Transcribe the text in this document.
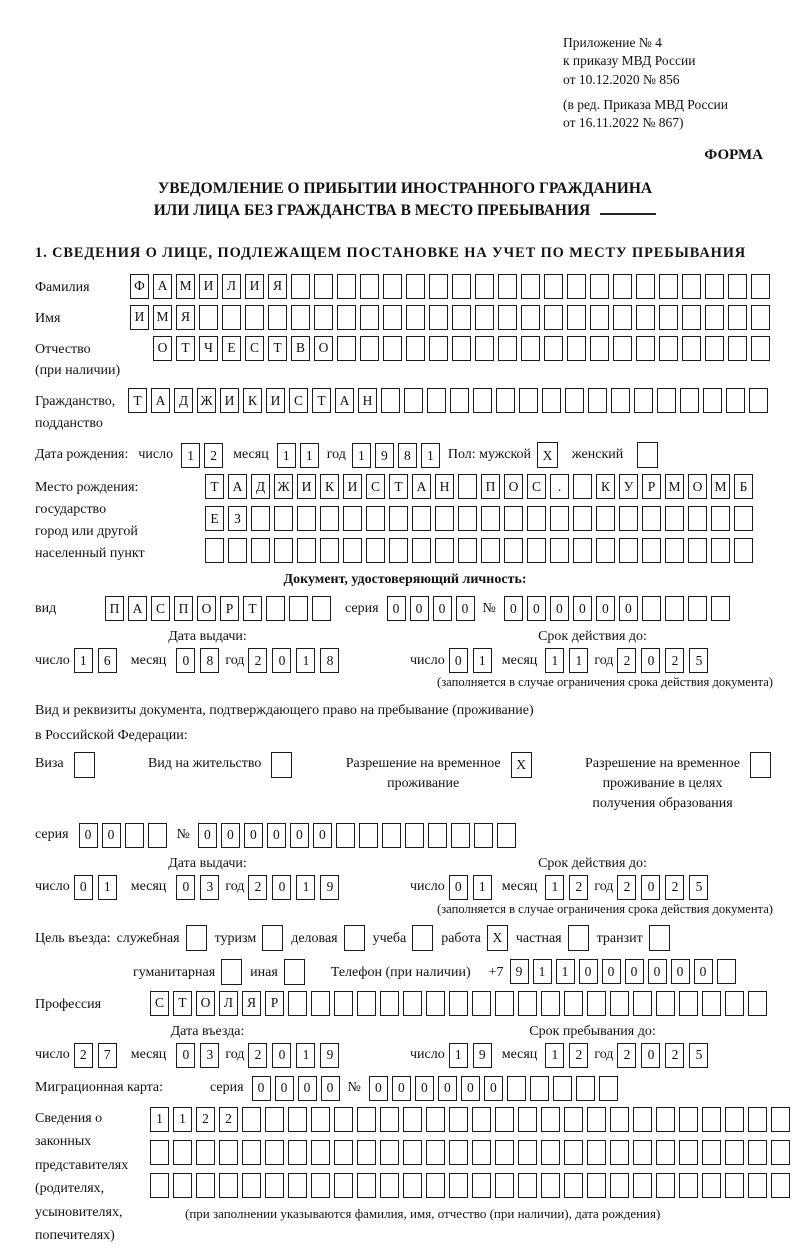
Приложение № 4
к приказу МВД России
от 10.12.2020 № 856
(в ред. Приказа МВД России
от 16.11.2022 № 867)
ФОРМА
УВЕДОМЛЕНИЕ О ПРИБЫТИИ ИНОСТРАННОГО ГРАЖДАНИНА
ИЛИ ЛИЦА БЕЗ ГРАЖДАНСТВА В МЕСТО ПРЕБЫВАНИЯ
1. СВЕДЕНИЯ О ЛИЦЕ, ПОДЛЕЖАЩЕМ ПОСТАНОВКЕ НА УЧЕТ ПО МЕСТУ ПРЕБЫВАНИЯ
Фамилия	Ф А М И	Л	И	Я
Имя	И М Я
Отчество
(при наличии)
О	Т	Ч	Е	С	Т	В	О
Гражданство,
подданство
Т	А	Д Ж И	К	И	С	Т	А Н
Дата рождения: число	1	2	месяц	1	1	год 1	9	8	1	Пол: мужской X	женский
Место рождения:
государство
город или другой
населенный пункт
Т	А	Д Ж И	К	И	С	Т	А Н	П О	С	.	К	У	Р М О М Б
Е	З
Документ, удостоверяющий личность:
вид	П А	С	П О	Р	Т	серия	0	0	0	0	№	0	0	0	0	0	0
Дата выдачи:
число 1	6	месяц	0	8 год 2	0	1	8
Срок действия до:
число 0	1	месяц	1	1 год 2	0	2	5
(заполняется в случае ограничения срока действия документа)
Вид и реквизиты документа, подтверждающего право на пребывание (проживание)
в Российской Федерации:
Виза	Вид на жительство	Разрешение на временное
проживание
X	Разрешение на временное
проживание в целях
получения образования
серия	0	0	№	0	0	0	0	0	0
Дата выдачи:
число 0	1	месяц	0	3 год 2	0	1	9
Срок действия до:
число 0	1	месяц	1	2 год 2	0	2	5
(заполняется в случае ограничения срока действия документа)
Цель въезда: служебная	туризм	деловая	учеба	работа X частная	транзит
гуманитарная	иная	Телефон (при наличии) +7 9	1	1	0	0	0	0	0	0
Профессия	С	Т	О	Л	Я	Р
Дата въезда:
число 2	7	месяц	0	3 год 2	0	1	9
Срок пребывания до:
число 1	9	месяц	1	2 год 2	0	2	5
Миграционная карта:	серия	0	0	0	0	№	0	0	0	0	0	0
Сведения о
законных
представителях
(родителях,
усыновителях,
попечителях)
1	1	2	2
(при заполнении указываются фамилия, имя, отчество (при наличии), дата рождения)
